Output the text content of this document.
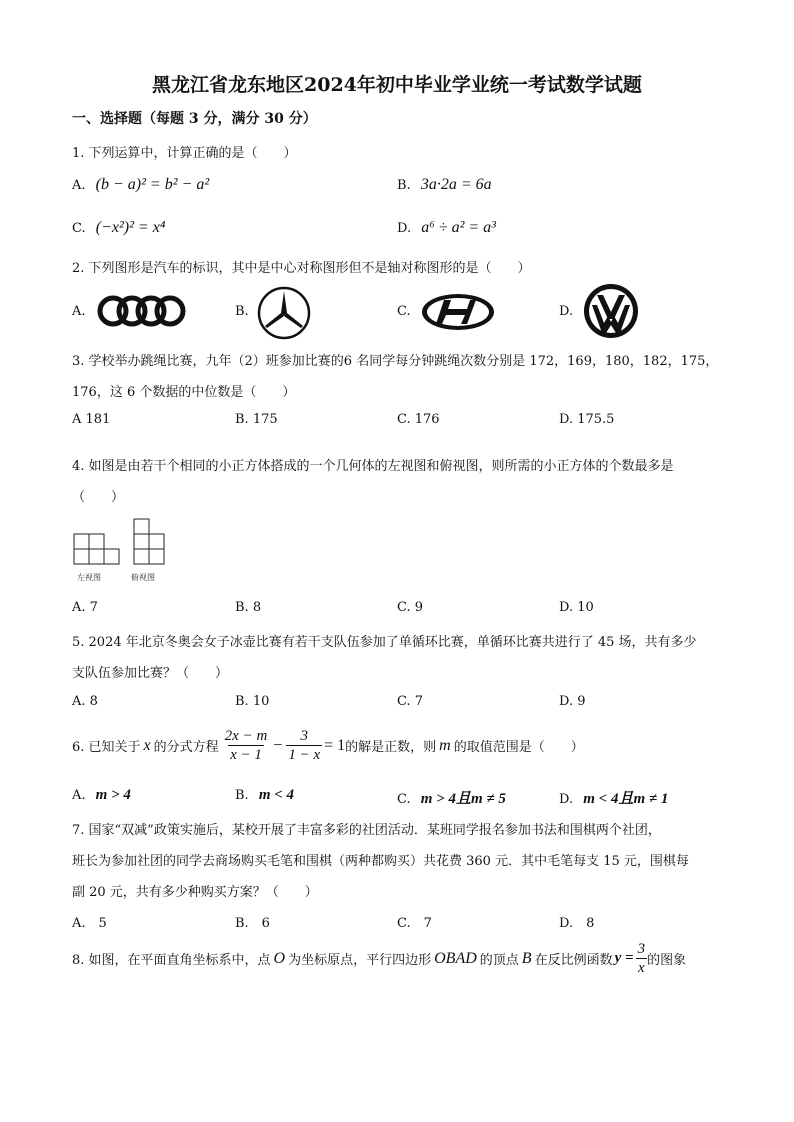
黑龙江省龙东地区2024年初中毕业学业统一考试数学试题
一、选择题（每题 3 分，满分 30 分）
1. 下列运算中，计算正确的是（　　）
A. (b − a)² = b² − a²	B. 3a·2a = 6a
C. (−x²)² = x⁴	D. a⁶ ÷ a² = a³
2. 下列图形是汽车的标识，其中是中心对称图形但不是轴对称图形的是（　　）
A.	B.	C.	D.
3. 学校举办跳绳比赛，九年（2）班参加比赛的6 名同学每分钟跳绳次数分别是 172，169，180，182，175，
176，这 6 个数据的中位数是（　　）
A 181	B. 175	C. 176	D. 175.5
4. 如图是由若干个相同的小正方体搭成的一个几何体的左视图和俯视图，则所需的小正方体的个数最多是
（　　）
左视图	俯视图
A. 7	B. 8	C. 9	D. 10
5. 2024 年北京冬奥会女子冰壶比赛有若干支队伍参加了单循环比赛，单循环比赛共进行了 45 场，共有多少
支队伍参加比赛？（　　）
A. 8	B. 10	C. 7	D. 9
6. 已知关于 x 的分式方程 $\frac{2x - m}{x - 1} - \frac{3}{1 - x} = 1$ 的解是正数，则 m 的取值范围是（　　）
A. m > 4	B. m < 4	C. m > 4且m ≠ 5	D. m < 4且m ≠ 1
7. 国家“双减”政策实施后，某校开展了丰富多彩的社团活动．某班同学报名参加书法和围棋两个社团，
班长为参加社团的同学去商场购买毛笔和围棋（两种都购买）共花费 360 元．其中毛笔每支 15 元，围棋每
副 20 元，共有多少种购买方案？（　　）
A.　5	B.　6	C.　7	D.　8
8. 如图，在平面直角坐标系中，点 O 为坐标原点，平行四边形 OBAD 的顶点 B 在反比例函数 $y = \frac{3}{x}$ 的图象
